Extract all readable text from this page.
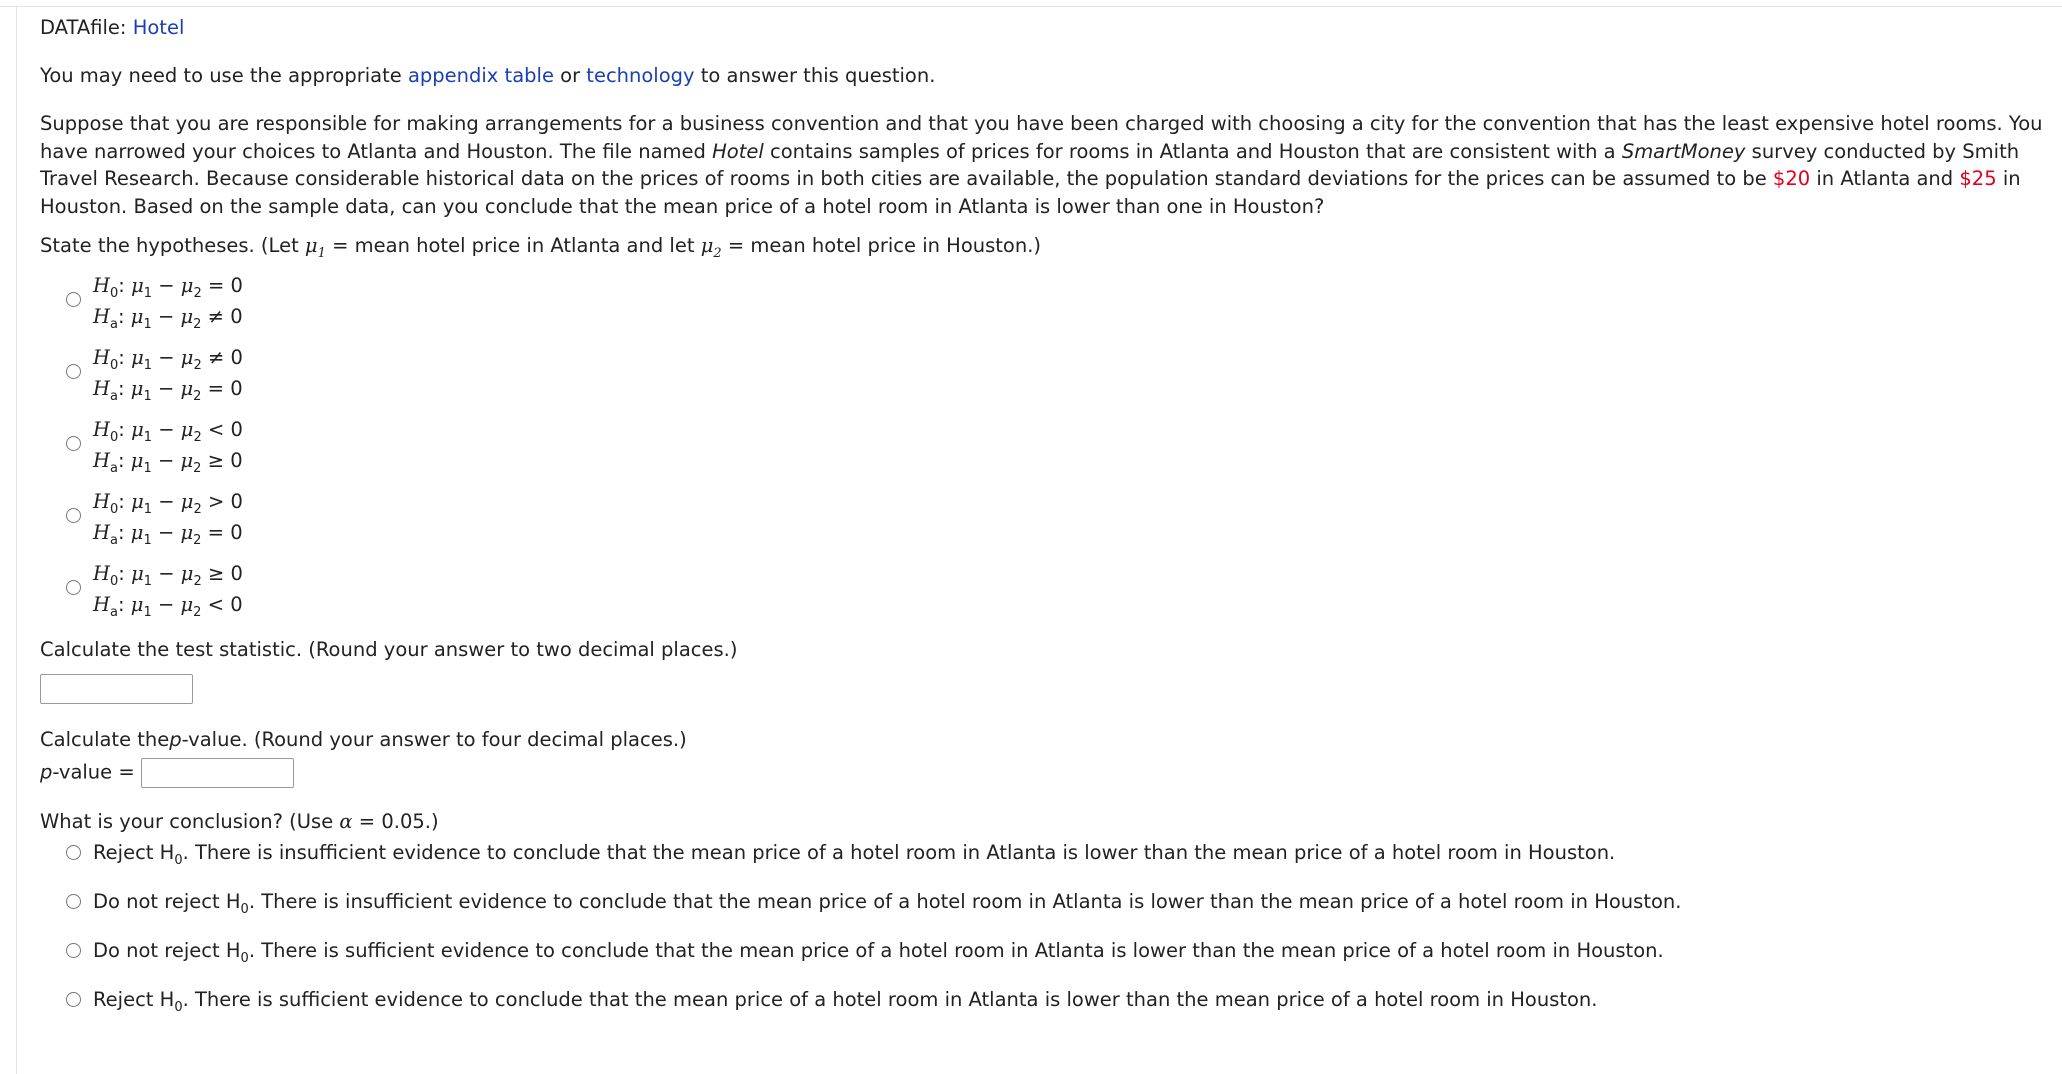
DATAfile: Hotel
You may need to use the appropriate appendix table or technology to answer this question.
Suppose that you are responsible for making arrangements for a business convention and that you have been charged with choosing a city for the convention that has the least expensive hotel rooms. You have narrowed your choices to Atlanta and Houston. The file named Hotel contains samples of prices for rooms in Atlanta and Houston that are consistent with a SmartMoney survey conducted by Smith Travel Research. Because considerable historical data on the prices of rooms in both cities are available, the population standard deviations for the prices can be assumed to be $20 in Atlanta and $25 in Houston. Based on the sample data, can you conclude that the mean price of a hotel room in Atlanta is lower than one in Houston?
State the hypotheses. (Let $\mu_1$ = mean hotel price in Atlanta and let $\mu_2$ = mean hotel price in Houston.)
$H_0$: $\mu_1 - \mu_2 = 0$
$H_a$: $\mu_1 - \mu_2 \ne 0$
$H_0$: $\mu_1 - \mu_2 \ne 0$
$H_a$: $\mu_1 - \mu_2 = 0$
$H_0$: $\mu_1 - \mu_2 < 0$
$H_a$: $\mu_1 - \mu_2 \ge 0$
$H_0$: $\mu_1 - \mu_2 > 0$
$H_a$: $\mu_1 - \mu_2 = 0$
$H_0$: $\mu_1 - \mu_2 \ge 0$
$H_a$: $\mu_1 - \mu_2 < 0$
Calculate the test statistic. (Round your answer to two decimal places.)
Calculate thep-value. (Round your answer to four decimal places.)
p-value =
What is your conclusion? (Use α = 0.05.)
Reject $H_0$. There is insufficient evidence to conclude that the mean price of a hotel room in Atlanta is lower than the mean price of a hotel room in Houston.
Do not reject $H_0$. There is insufficient evidence to conclude that the mean price of a hotel room in Atlanta is lower than the mean price of a hotel room in Houston.
Do not reject $H_0$. There is sufficient evidence to conclude that the mean price of a hotel room in Atlanta is lower than the mean price of a hotel room in Houston.
Reject $H_0$. There is sufficient evidence to conclude that the mean price of a hotel room in Atlanta is lower than the mean price of a hotel room in Houston.
